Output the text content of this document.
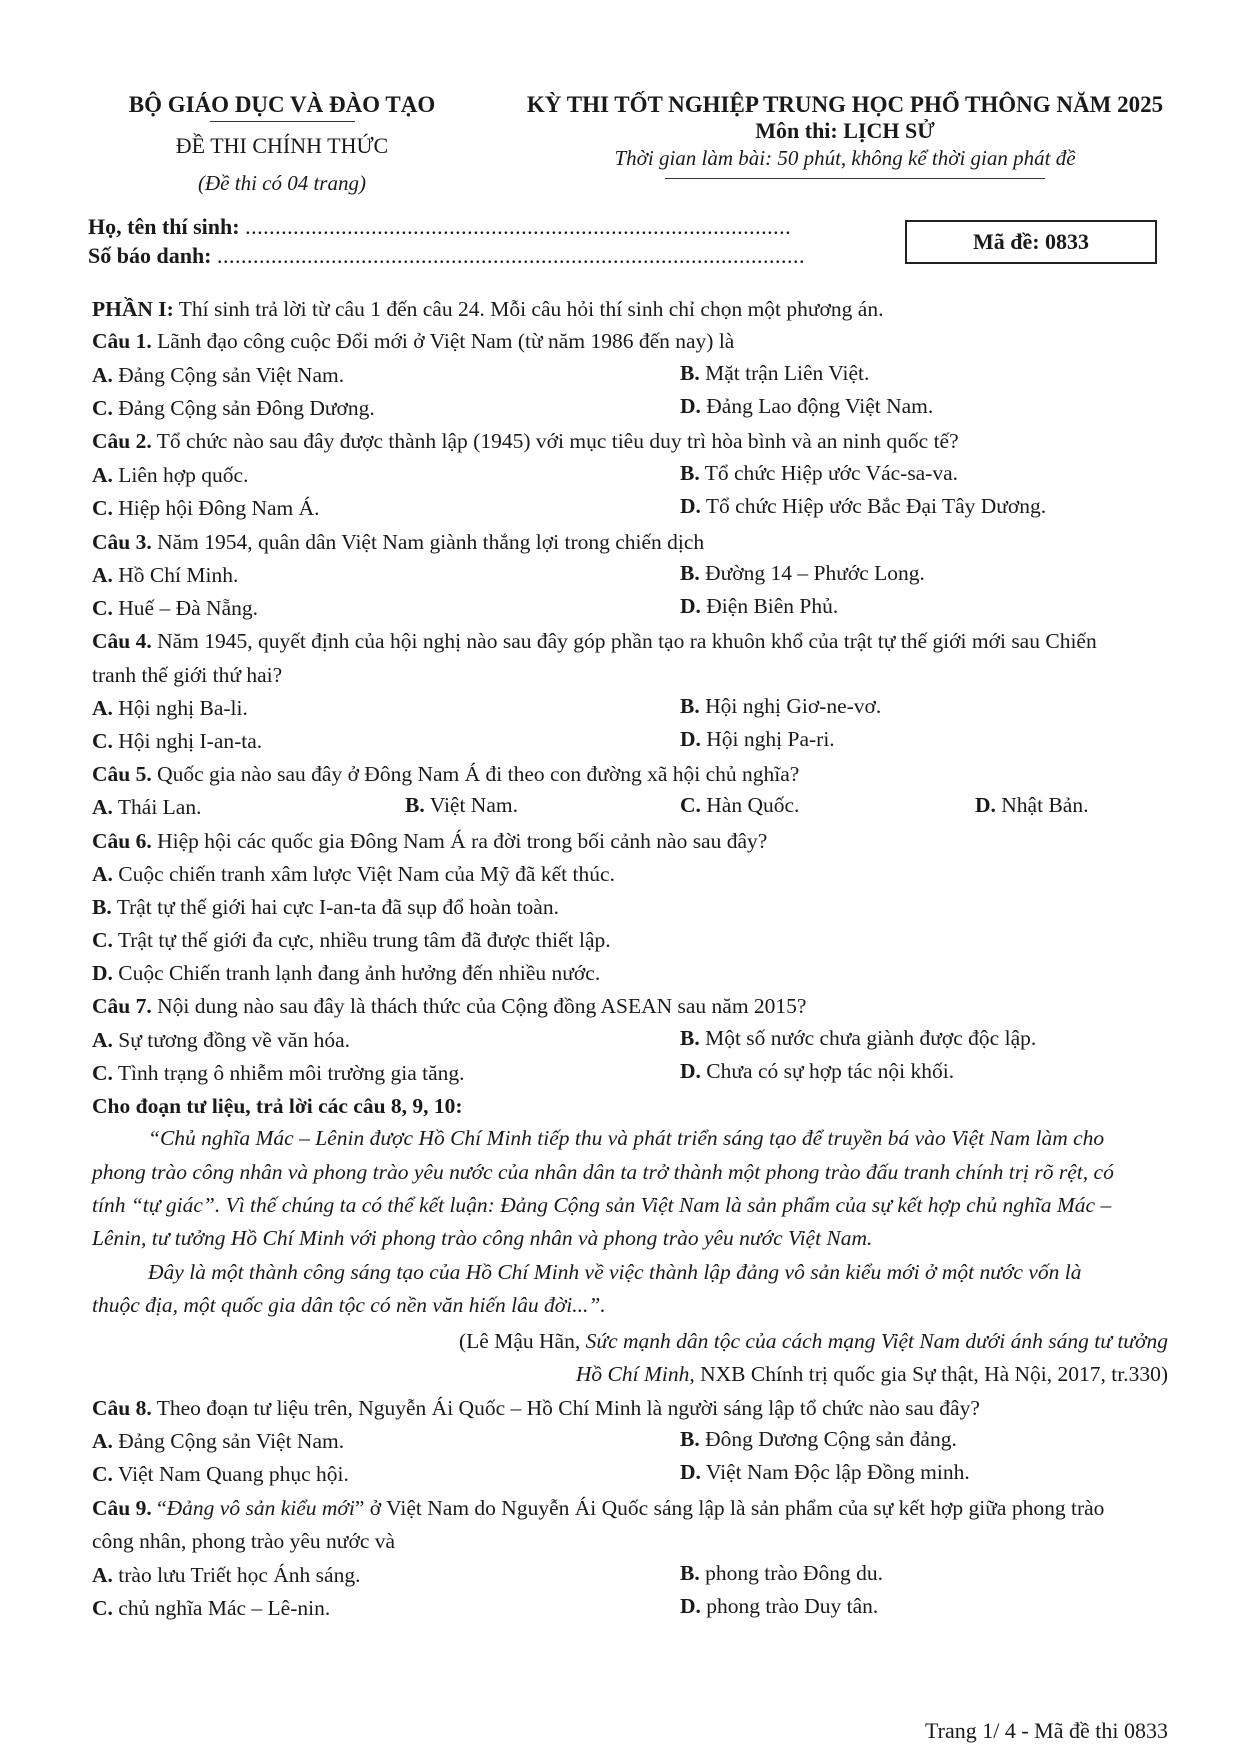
BỘ GIÁO DỤC VÀ ĐÀO TẠO
ĐỀ THI CHÍNH THỨC
(Đề thi có 04 trang)
KỲ THI TỐT NGHIỆP TRUNG HỌC PHỔ THÔNG NĂM 2025
Môn thi: LỊCH SỬ
Thời gian làm bài: 50 phút, không kể thời gian phát đề
Họ, tên thí sinh: ...........................................................................................
Số báo danh: ..................................................................................................
Mã đề: 0833
PHẦN I: Thí sinh trả lời từ câu 1 đến câu 24. Mỗi câu hỏi thí sinh chỉ chọn một phương án.
Câu 1. Lãnh đạo công cuộc Đổi mới ở Việt Nam (từ năm 1986 đến nay) là
A. Đảng Cộng sản Việt Nam.	B. Mặt trận Liên Việt.
C. Đảng Cộng sản Đông Dương.	D. Đảng Lao động Việt Nam.
Câu 2. Tổ chức nào sau đây được thành lập (1945) với mục tiêu duy trì hòa bình và an ninh quốc tế?
A. Liên hợp quốc.	B. Tổ chức Hiệp ước Vác-sa-va.
C. Hiệp hội Đông Nam Á.	D. Tổ chức Hiệp ước Bắc Đại Tây Dương.
Câu 3. Năm 1954, quân dân Việt Nam giành thắng lợi trong chiến dịch
A. Hồ Chí Minh.	B. Đường 14 – Phước Long.
C. Huế – Đà Nẵng.	D. Điện Biên Phủ.
Câu 4. Năm 1945, quyết định của hội nghị nào sau đây góp phần tạo ra khuôn khổ của trật tự thế giới mới sau Chiến
tranh thế giới thứ hai?
A. Hội nghị Ba-li.	B. Hội nghị Giơ-ne-vơ.
C. Hội nghị I-an-ta.	D. Hội nghị Pa-ri.
Câu 5. Quốc gia nào sau đây ở Đông Nam Á đi theo con đường xã hội chủ nghĩa?
A. Thái Lan.	B. Việt Nam.	C. Hàn Quốc.	D. Nhật Bản.
Câu 6. Hiệp hội các quốc gia Đông Nam Á ra đời trong bối cảnh nào sau đây?
A. Cuộc chiến tranh xâm lược Việt Nam của Mỹ đã kết thúc.
B. Trật tự thế giới hai cực I-an-ta đã sụp đổ hoàn toàn.
C. Trật tự thế giới đa cực, nhiều trung tâm đã được thiết lập.
D. Cuộc Chiến tranh lạnh đang ảnh hưởng đến nhiều nước.
Câu 7. Nội dung nào sau đây là thách thức của Cộng đồng ASEAN sau năm 2015?
A. Sự tương đồng về văn hóa.	B. Một số nước chưa giành được độc lập.
C. Tình trạng ô nhiễm môi trường gia tăng.	D. Chưa có sự hợp tác nội khối.
Cho đoạn tư liệu, trả lời các câu 8, 9, 10:
“Chủ nghĩa Mác – Lênin được Hồ Chí Minh tiếp thu và phát triển sáng tạo để truyền bá vào Việt Nam làm cho
phong trào công nhân và phong trào yêu nước của nhân dân ta trở thành một phong trào đấu tranh chính trị rõ rệt, có
tính “tự giác”. Vì thế chúng ta có thể kết luận: Đảng Cộng sản Việt Nam là sản phẩm của sự kết hợp chủ nghĩa Mác –
Lênin, tư tưởng Hồ Chí Minh với phong trào công nhân và phong trào yêu nước Việt Nam.
Đây là một thành công sáng tạo của Hồ Chí Minh về việc thành lập đảng vô sản kiểu mới ở một nước vốn là
thuộc địa, một quốc gia dân tộc có nền văn hiến lâu đời...”.
(Lê Mậu Hãn, Sức mạnh dân tộc của cách mạng Việt Nam dưới ánh sáng tư tưởng
Hồ Chí Minh, NXB Chính trị quốc gia Sự thật, Hà Nội, 2017, tr.330)
Câu 8. Theo đoạn tư liệu trên, Nguyễn Ái Quốc – Hồ Chí Minh là người sáng lập tổ chức nào sau đây?
A. Đảng Cộng sản Việt Nam.	B. Đông Dương Cộng sản đảng.
C. Việt Nam Quang phục hội.	D. Việt Nam Độc lập Đồng minh.
Câu 9. “Đảng vô sản kiểu mới” ở Việt Nam do Nguyễn Ái Quốc sáng lập là sản phẩm của sự kết hợp giữa phong trào
công nhân, phong trào yêu nước và
A. trào lưu Triết học Ánh sáng.	B. phong trào Đông du.
C. chủ nghĩa Mác – Lê-nin.	D. phong trào Duy tân.
Trang 1/ 4 - Mã đề thi 0833
